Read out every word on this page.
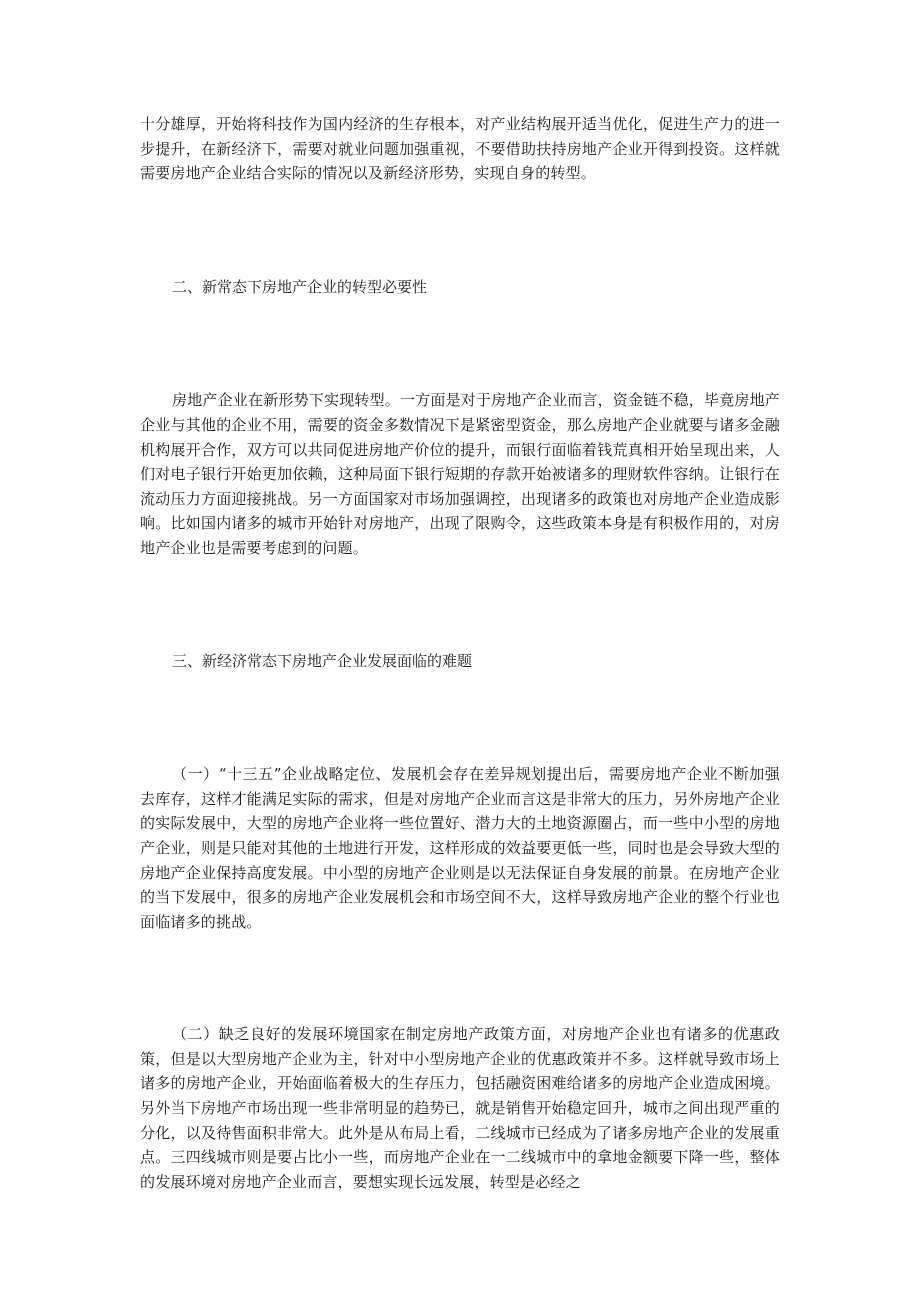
十分雄厚，开始将科技作为国内经济的生存根本，对产业结构展开适当优化，促进生产力的进一步提升，在新经济下，需要对就业问题加强重视，不要借助扶持房地产企业开得到投资。这样就需要房地产企业结合实际的情况以及新经济形势，实现自身的转型。

二、新常态下房地产企业的转型必要性

房地产企业在新形势下实现转型。一方面是对于房地产企业而言，资金链不稳，毕竟房地产企业与其他的企业不用，需要的资金多数情况下是紧密型资金，那么房地产企业就要与诸多金融机构展开合作，双方可以共同促进房地产价位的提升，而银行面临着钱荒真相开始呈现出来，人们对电子银行开始更加依赖，这种局面下银行短期的存款开始被诸多的理财软件容纳。让银行在流动压力方面迎接挑战。另一方面国家对市场加强调控，出现诸多的政策也对房地产企业造成影响。比如国内诸多的城市开始针对房地产，出现了限购令，这些政策本身是有积极作用的，对房地产企业也是需要考虑到的问题。

三、新经济常态下房地产企业发展面临的难题

（一）“十三五”企业战略定位、发展机会存在差异规划提出后，需要房地产企业不断加强去库存，这样才能满足实际的需求，但是对房地产企业而言这是非常大的压力，另外房地产企业的实际发展中，大型的房地产企业将一些位置好、潜力大的土地资源圈占，而一些中小型的房地产企业，则是只能对其他的土地进行开发，这样形成的效益要更低一些，同时也是会导致大型的房地产企业保持高度发展。中小型的房地产企业则是以无法保证自身发展的前景。在房地产企业的当下发展中，很多的房地产企业发展机会和市场空间不大，这样导致房地产企业的整个行业也面临诸多的挑战。

（二）缺乏良好的发展环境国家在制定房地产政策方面，对房地产企业也有诸多的优惠政策，但是以大型房地产企业为主，针对中小型房地产企业的优惠政策并不多。这样就导致市场上诸多的房地产企业，开始面临着极大的生存压力，包括融资困难给诸多的房地产企业造成困境。另外当下房地产市场出现一些非常明显的趋势已，就是销售开始稳定回升，城市之间出现严重的分化，以及待售面积非常大。此外是从布局上看，二线城市已经成为了诸多房地产企业的发展重点。三四线城市则是要占比小一些，而房地产企业在一二线城市中的拿地金额要下降一些，整体的发展环境对房地产企业而言，要想实现长远发展，转型是必经之
